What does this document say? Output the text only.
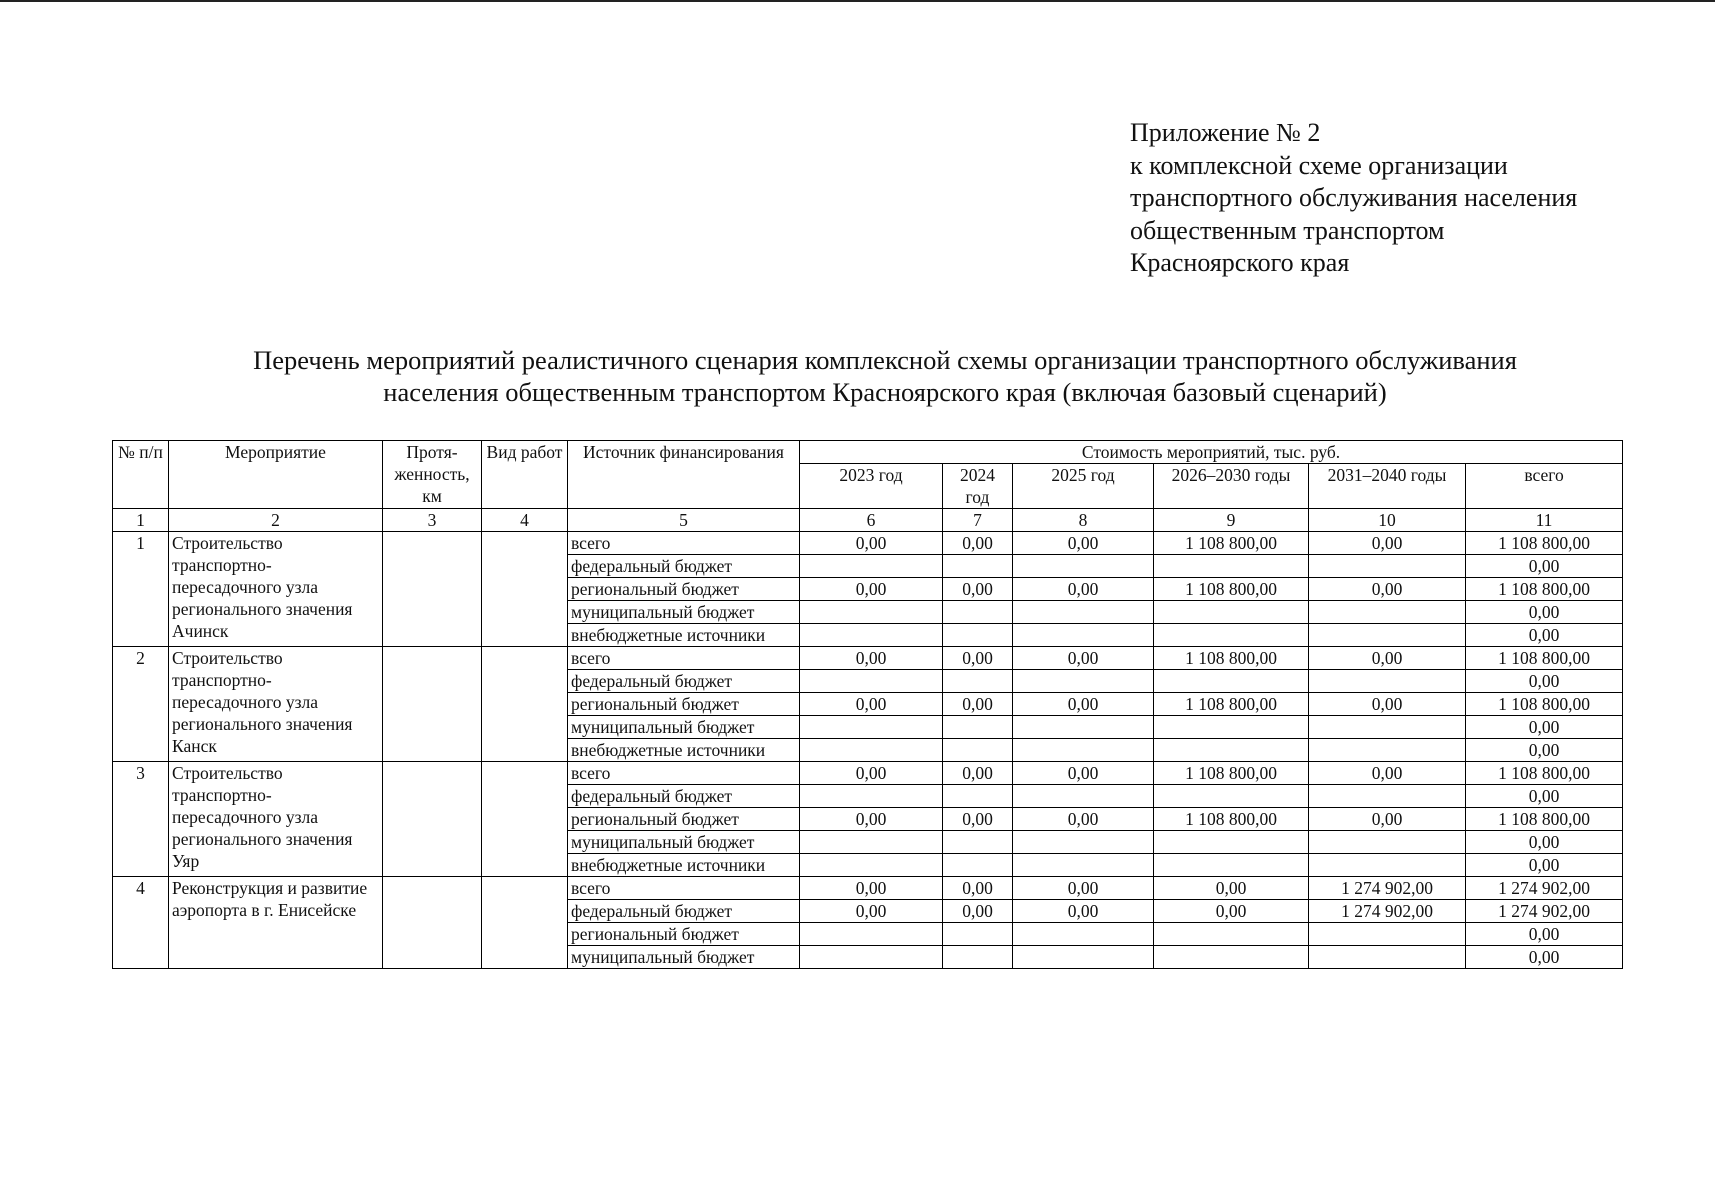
Приложение № 2
к комплексной схеме организации
транспортного обслуживания населения
общественным транспортом
Красноярского края
Перечень мероприятий реалистичного сценария комплексной схемы организации транспортного обслуживания
населения общественным транспортом Красноярского края (включая базовый сценарий)
№ п/п	Мероприятие	Протя-женность, км	Вид работ	Источник финансирования	Стоимость мероприятий, тыс. руб.					
					2023 год	2024 год	2025 год	2026–2030 годы	2031–2040 годы	всего
1	2	3	4	5	6	7	8	9	10	11
1	Строительство транспортно-пересадочного узла регионального значения Ачинск			всего	0,00	0,00	0,00	1 108 800,00	0,00	1 108 800,00
				федеральный бюджет						0,00
				региональный бюджет	0,00	0,00	0,00	1 108 800,00	0,00	1 108 800,00
				муниципальный бюджет						0,00
				внебюджетные источники						0,00
2	Строительство транспортно-пересадочного узла регионального значения Канск			всего	0,00	0,00	0,00	1 108 800,00	0,00	1 108 800,00
				федеральный бюджет						0,00
				региональный бюджет	0,00	0,00	0,00	1 108 800,00	0,00	1 108 800,00
				муниципальный бюджет						0,00
				внебюджетные источники						0,00
3	Строительство транспортно-пересадочного узла регионального значения Уяр			всего	0,00	0,00	0,00	1 108 800,00	0,00	1 108 800,00
				федеральный бюджет						0,00
				региональный бюджет	0,00	0,00	0,00	1 108 800,00	0,00	1 108 800,00
				муниципальный бюджет						0,00
				внебюджетные источники						0,00
4	Реконструкция и развитие аэропорта в г. Енисейске			всего	0,00	0,00	0,00	0,00	1 274 902,00	1 274 902,00
				федеральный бюджет	0,00	0,00	0,00	0,00	1 274 902,00	1 274 902,00
				региональный бюджет						0,00
				муниципальный бюджет						0,00
